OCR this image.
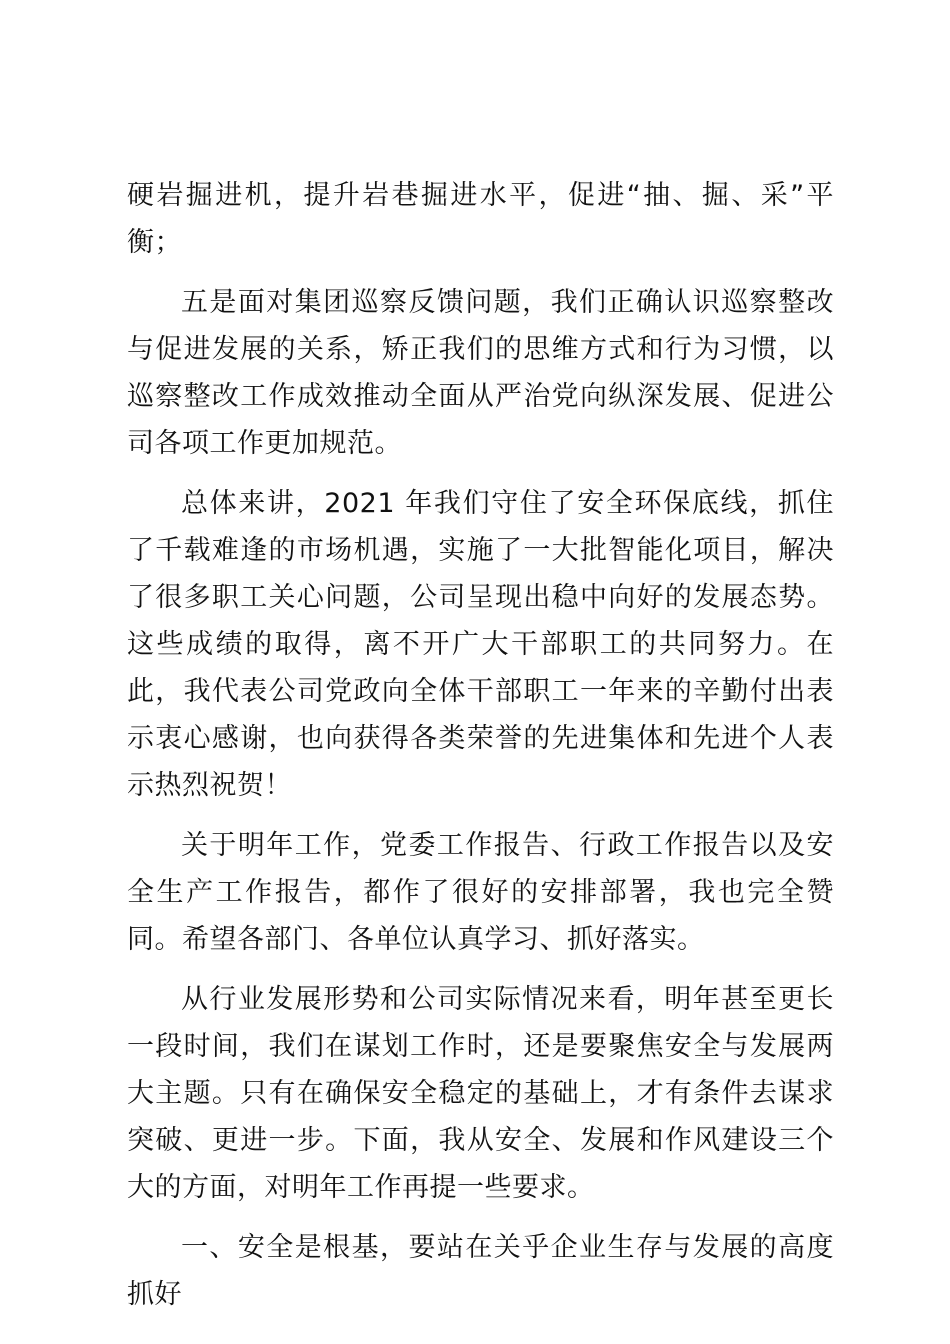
硬岩掘进机，提升岩巷掘进水平，促进“抽、掘、采”平衡；

五是面对集团巡察反馈问题，我们正确认识巡察整改与促进发展的关系，矫正我们的思维方式和行为习惯，以巡察整改工作成效推动全面从严治党向纵深发展、促进公司各项工作更加规范。

总体来讲，2021 年我们守住了安全环保底线，抓住了千载难逢的市场机遇，实施了一大批智能化项目，解决了很多职工关心问题，公司呈现出稳中向好的发展态势。这些成绩的取得，离不开广大干部职工的共同努力。在此，我代表公司党政向全体干部职工一年来的辛勤付出表示衷心感谢，也向获得各类荣誉的先进集体和先进个人表示热烈祝贺！

关于明年工作，党委工作报告、行政工作报告以及安全生产工作报告，都作了很好的安排部署，我也完全赞同。希望各部门、各单位认真学习、抓好落实。

从行业发展形势和公司实际情况来看，明年甚至更长一段时间，我们在谋划工作时，还是要聚焦安全与发展两大主题。只有在确保安全稳定的基础上，才有条件去谋求突破、更进一步。下面，我从安全、发展和作风建设三个大的方面，对明年工作再提一些要求。

一、安全是根基，要站在关乎企业生存与发展的高度抓好
